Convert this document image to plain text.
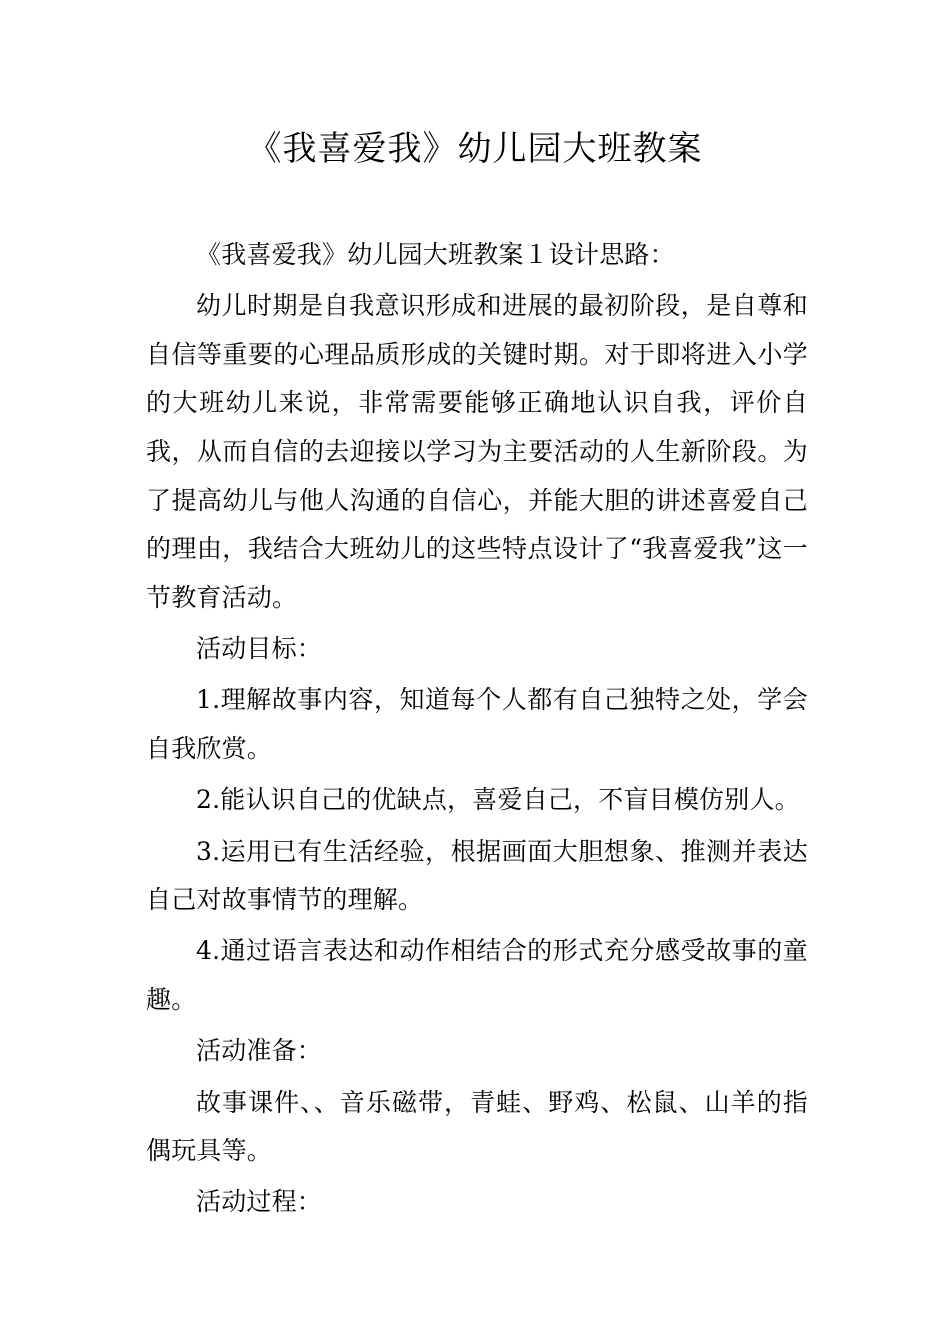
《我喜爱我》幼儿园大班教案

《我喜爱我》幼儿园大班教案１设计思路：

幼儿时期是自我意识形成和进展的最初阶段，是自尊和自信等重要的心理品质形成的关键时期。对于即将进入小学的大班幼儿来说，非常需要能够正确地认识自我，评价自我，从而自信的去迎接以学习为主要活动的人生新阶段。为了提高幼儿与他人沟通的自信心，并能大胆的讲述喜爱自己的理由，我结合大班幼儿的这些特点设计了“我喜爱我”这一节教育活动。

活动目标：

1.理解故事内容，知道每个人都有自己独特之处，学会自我欣赏。

2.能认识自己的优缺点，喜爱自己，不盲目模仿别人。

3.运用已有生活经验，根据画面大胆想象、推测并表达自己对故事情节的理解。

4.通过语言表达和动作相结合的形式充分感受故事的童趣。

活动准备：

故事课件、、音乐磁带，青蛙、野鸡、松鼠、山羊的指偶玩具等。

活动过程：
